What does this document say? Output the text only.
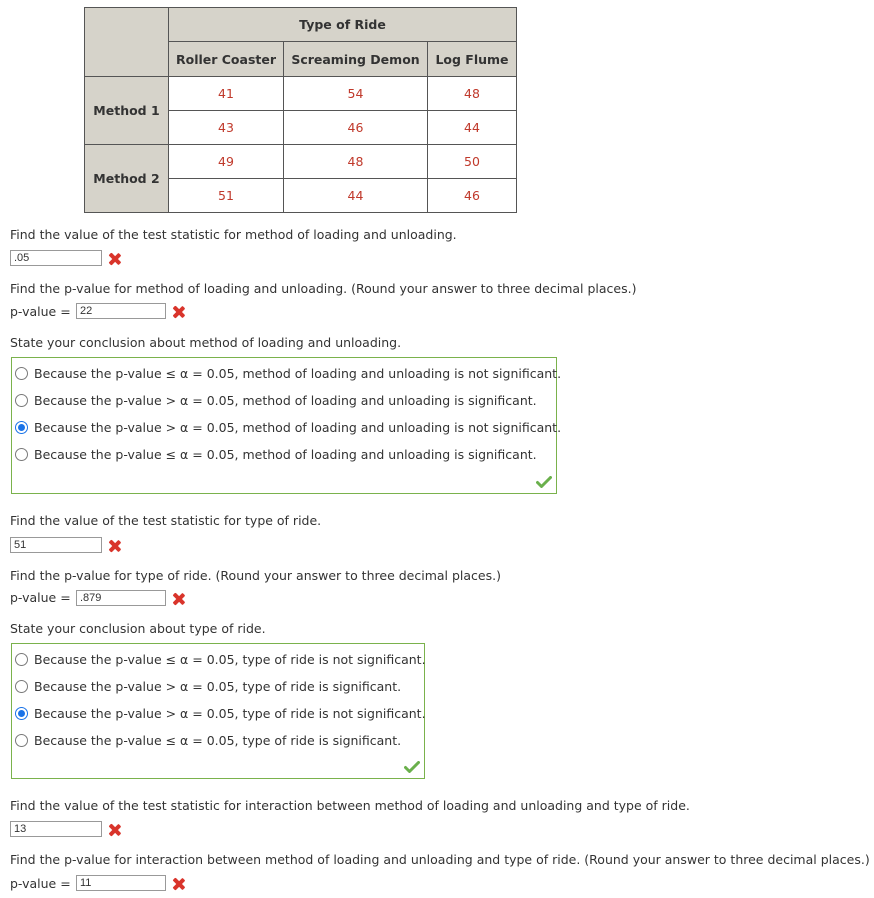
	Type of Ride		
	Roller Coaster	Screaming Demon	Log Flume
Method 1	41	54	48
	43	46	44
Method 2	49	48	50
	51	44	46
Find the value of the test statistic for method of loading and unloading.
.05
Find the p-value for method of loading and unloading. (Round your answer to three decimal places.)
p-value = 22
State your conclusion about method of loading and unloading.
Because the p-value ≤ α = 0.05, method of loading and unloading is not significant.
Because the p-value > α = 0.05, method of loading and unloading is significant.
Because the p-value > α = 0.05, method of loading and unloading is not significant.
Because the p-value ≤ α = 0.05, method of loading and unloading is significant.
Find the value of the test statistic for type of ride.
51
Find the p-value for type of ride. (Round your answer to three decimal places.)
p-value = .879
State your conclusion about type of ride.
Because the p-value ≤ α = 0.05, type of ride is not significant.
Because the p-value > α = 0.05, type of ride is significant.
Because the p-value > α = 0.05, type of ride is not significant.
Because the p-value ≤ α = 0.05, type of ride is significant.
Find the value of the test statistic for interaction between method of loading and unloading and type of ride.
13
Find the p-value for interaction between method of loading and unloading and type of ride. (Round your answer to three decimal places.)
p-value = 11
